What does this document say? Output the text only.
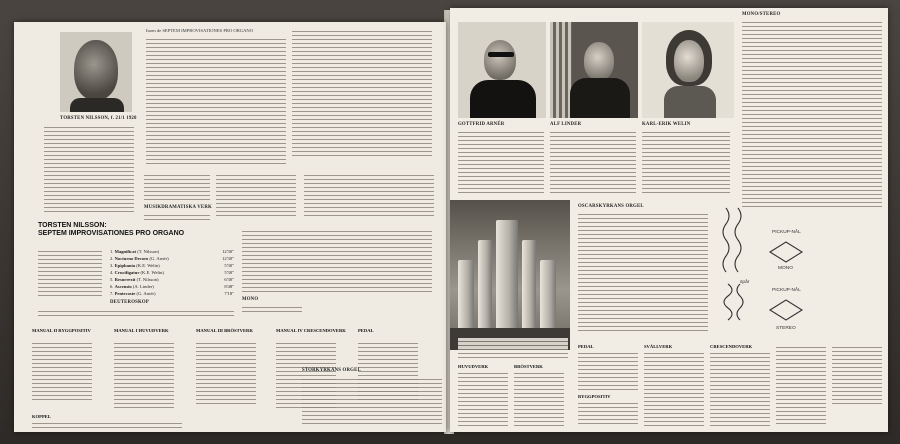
TORSTEN NILSSON, f. 21/1 1920
Inom de SEPTEM IMPROVISATIONES PRO ORGANO
MUSIKDRAMATISKA VERK
TORSTEN NILSSON:
SEPTEM IMPROVISATIONES PRO ORGANO
1. Magnificat (T. Nilsson)	12'30"
2. Nocturno Decoro (G. Arnér)	12'30"
3. Epiphania (K.E. Welin)	5'30"
4. Crucifigatur (K.E. Welin)	5'30"
5. Resurrexit (T. Nilsson)	6'30"
6. Ascensio (A. Linder)	8'48"
7. Pentecoste (G. Arnér)	7'18"
DEUTEROSKOP
MONO
MANUAL II RYGGPOSITIV	MANUAL I HUVUDVERK	MANUAL III BRÖSTVERK	MANUAL IV CRESCENDOVERK	PEDAL
KOPPEL
GOTTFRID ARNÉR	ALF LINDER	KARL-ERIK WELIN
MONO/STEREO
OSCARSKYRKANS ORGEL
PICKUP-NÅL
MONO
spår
PICKUP-NÅL
STEREO
HUVUDVERK	BRÖSTVERK
PEDAL
RYGGPOSITIV
SVÄLLVERK	CRESCENDOVERK
STORKYRKANS ORGEL
